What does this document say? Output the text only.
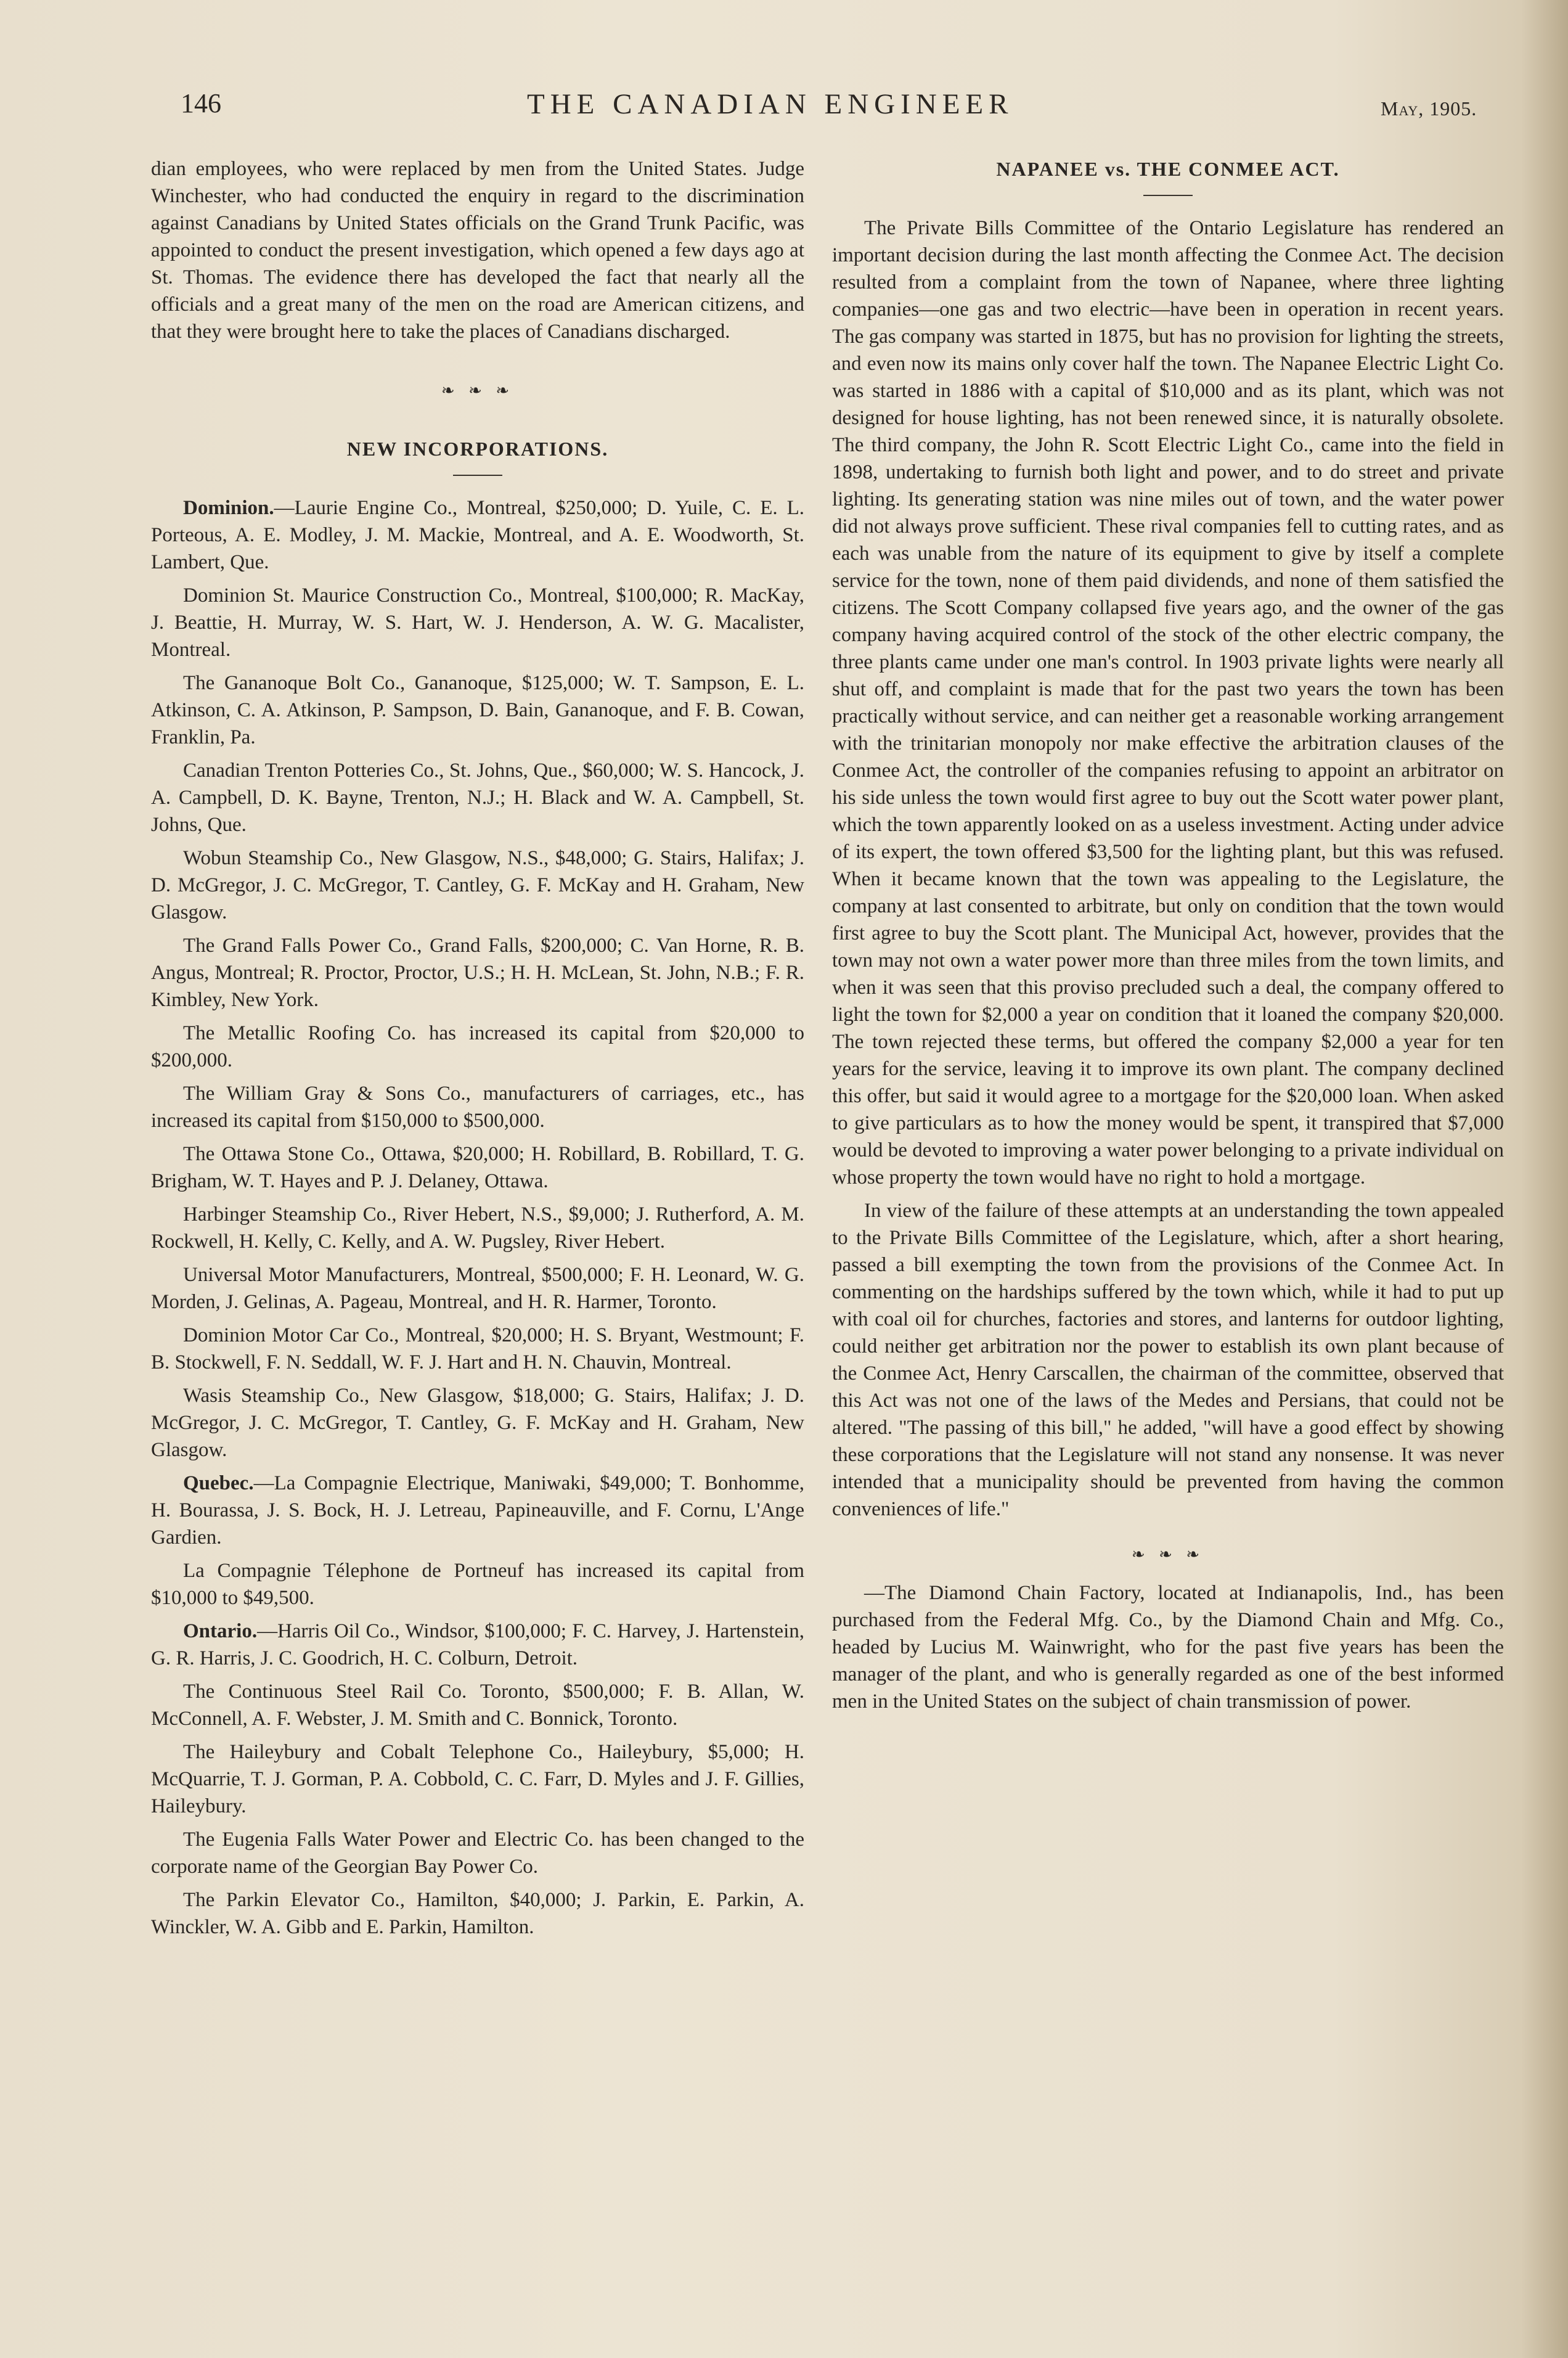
146	THE CANADIAN ENGINEER	May, 1905.

dian employees, who were replaced by men from the United States. Judge Winchester, who had conducted the enquiry in regard to the discrimination against Canadians by United States officials on the Grand Trunk Pacific, was appointed to conduct the present investigation, which opened a few days ago at St. Thomas. The evidence there has developed the fact that nearly all the officials and a great many of the men on the road are American citizens, and that they were brought here to take the places of Canadians discharged.

❧ ❧ ❧

NEW INCORPORATIONS.

Dominion.—Laurie Engine Co., Montreal, $250,000; D. Yuile, C. E. L. Porteous, A. E. Modley, J. M. Mackie, Montreal, and A. E. Woodworth, St. Lambert, Que.

Dominion St. Maurice Construction Co., Montreal, $100,000; R. MacKay, J. Beattie, H. Murray, W. S. Hart, W. J. Henderson, A. W. G. Macalister, Montreal.

The Gananoque Bolt Co., Gananoque, $125,000; W. T. Sampson, E. L. Atkinson, C. A. Atkinson, P. Sampson, D. Bain, Gananoque, and F. B. Cowan, Franklin, Pa.

Canadian Trenton Potteries Co., St. Johns, Que., $60,000; W. S. Hancock, J. A. Campbell, D. K. Bayne, Trenton, N.J.; H. Black and W. A. Campbell, St. Johns, Que.

Wobun Steamship Co., New Glasgow, N.S., $48,000; G. Stairs, Halifax; J. D. McGregor, J. C. McGregor, T. Cantley, G. F. McKay and H. Graham, New Glasgow.

The Grand Falls Power Co., Grand Falls, $200,000; C. Van Horne, R. B. Angus, Montreal; R. Proctor, Proctor, U.S.; H. H. McLean, St. John, N.B.; F. R. Kimbley, New York.

The Metallic Roofing Co. has increased its capital from $20,000 to $200,000.

The William Gray & Sons Co., manufacturers of carriages, etc., has increased its capital from $150,000 to $500,000.

The Ottawa Stone Co., Ottawa, $20,000; H. Robillard, B. Robillard, T. G. Brigham, W. T. Hayes and P. J. Delaney, Ottawa.

Harbinger Steamship Co., River Hebert, N.S., $9,000; J. Rutherford, A. M. Rockwell, H. Kelly, C. Kelly, and A. W. Pugsley, River Hebert.

Universal Motor Manufacturers, Montreal, $500,000; F. H. Leonard, W. G. Morden, J. Gelinas, A. Pageau, Montreal, and H. R. Harmer, Toronto.

Dominion Motor Car Co., Montreal, $20,000; H. S. Bryant, Westmount; F. B. Stockwell, F. N. Seddall, W. F. J. Hart and H. N. Chauvin, Montreal.

Wasis Steamship Co., New Glasgow, $18,000; G. Stairs, Halifax; J. D. McGregor, J. C. McGregor, T. Cantley, G. F. McKay and H. Graham, New Glasgow.

Quebec.—La Compagnie Electrique, Maniwaki, $49,000; T. Bonhomme, H. Bourassa, J. S. Bock, H. J. Letreau, Papineauville, and F. Cornu, L'Ange Gardien.

La Compagnie Télephone de Portneuf has increased its capital from $10,000 to $49,500.

Ontario.—Harris Oil Co., Windsor, $100,000; F. C. Harvey, J. Hartenstein, G. R. Harris, J. C. Goodrich, H. C. Colburn, Detroit.

The Continuous Steel Rail Co. Toronto, $500,000; F. B. Allan, W. McConnell, A. F. Webster, J. M. Smith and C. Bonnick, Toronto.

The Haileybury and Cobalt Telephone Co., Haileybury, $5,000; H. McQuarrie, T. J. Gorman, P. A. Cobbold, C. C. Farr, D. Myles and J. F. Gillies, Haileybury.

The Eugenia Falls Water Power and Electric Co. has been changed to the corporate name of the Georgian Bay Power Co.

The Parkin Elevator Co., Hamilton, $40,000; J. Parkin, E. Parkin, A. Winckler, W. A. Gibb and E. Parkin, Hamilton.

NAPANEE vs. THE CONMEE ACT.

The Private Bills Committee of the Ontario Legislature has rendered an important decision during the last month affecting the Conmee Act. The decision resulted from a complaint from the town of Napanee, where three lighting companies—one gas and two electric—have been in operation in recent years. The gas company was started in 1875, but has no provision for lighting the streets, and even now its mains only cover half the town. The Napanee Electric Light Co. was started in 1886 with a capital of $10,000 and as its plant, which was not designed for house lighting, has not been renewed since, it is naturally obsolete. The third company, the John R. Scott Electric Light Co., came into the field in 1898, undertaking to furnish both light and power, and to do street and private lighting. Its generating station was nine miles out of town, and the water power did not always prove sufficient. These rival companies fell to cutting rates, and as each was unable from the nature of its equipment to give by itself a complete service for the town, none of them paid dividends, and none of them satisfied the citizens. The Scott Company collapsed five years ago, and the owner of the gas company having acquired control of the stock of the other electric company, the three plants came under one man's control. In 1903 private lights were nearly all shut off, and complaint is made that for the past two years the town has been practically without service, and can neither get a reasonable working arrangement with the trinitarian monopoly nor make effective the arbitration clauses of the Conmee Act, the controller of the companies refusing to appoint an arbitrator on his side unless the town would first agree to buy out the Scott water power plant, which the town apparently looked on as a useless investment. Acting under advice of its expert, the town offered $3,500 for the lighting plant, but this was refused. When it became known that the town was appealing to the Legislature, the company at last consented to arbitrate, but only on condition that the town would first agree to buy the Scott plant. The Municipal Act, however, provides that the town may not own a water power more than three miles from the town limits, and when it was seen that this proviso precluded such a deal, the company offered to light the town for $2,000 a year on condition that it loaned the company $20,000. The town rejected these terms, but offered the company $2,000 a year for ten years for the service, leaving it to improve its own plant. The company declined this offer, but said it would agree to a mortgage for the $20,000 loan. When asked to give particulars as to how the money would be spent, it transpired that $7,000 would be devoted to improving a water power belonging to a private individual on whose property the town would have no right to hold a mortgage.

In view of the failure of these attempts at an understanding the town appealed to the Private Bills Committee of the Legislature, which, after a short hearing, passed a bill exempting the town from the provisions of the Conmee Act. In commenting on the hardships suffered by the town which, while it had to put up with coal oil for churches, factories and stores, and lanterns for outdoor lighting, could neither get arbitration nor the power to establish its own plant because of the Conmee Act, Henry Carscallen, the chairman of the committee, observed that this Act was not one of the laws of the Medes and Persians, that could not be altered. "The passing of this bill," he added, "will have a good effect by showing these corporations that the Legislature will not stand any nonsense. It was never intended that a municipality should be prevented from having the common conveniences of life."

❧ ❧ ❧

—The Diamond Chain Factory, located at Indianapolis, Ind., has been purchased from the Federal Mfg. Co., by the Diamond Chain and Mfg. Co., headed by Lucius M. Wainwright, who for the past five years has been the manager of the plant, and who is generally regarded as one of the best informed men in the United States on the subject of chain transmission of power.
